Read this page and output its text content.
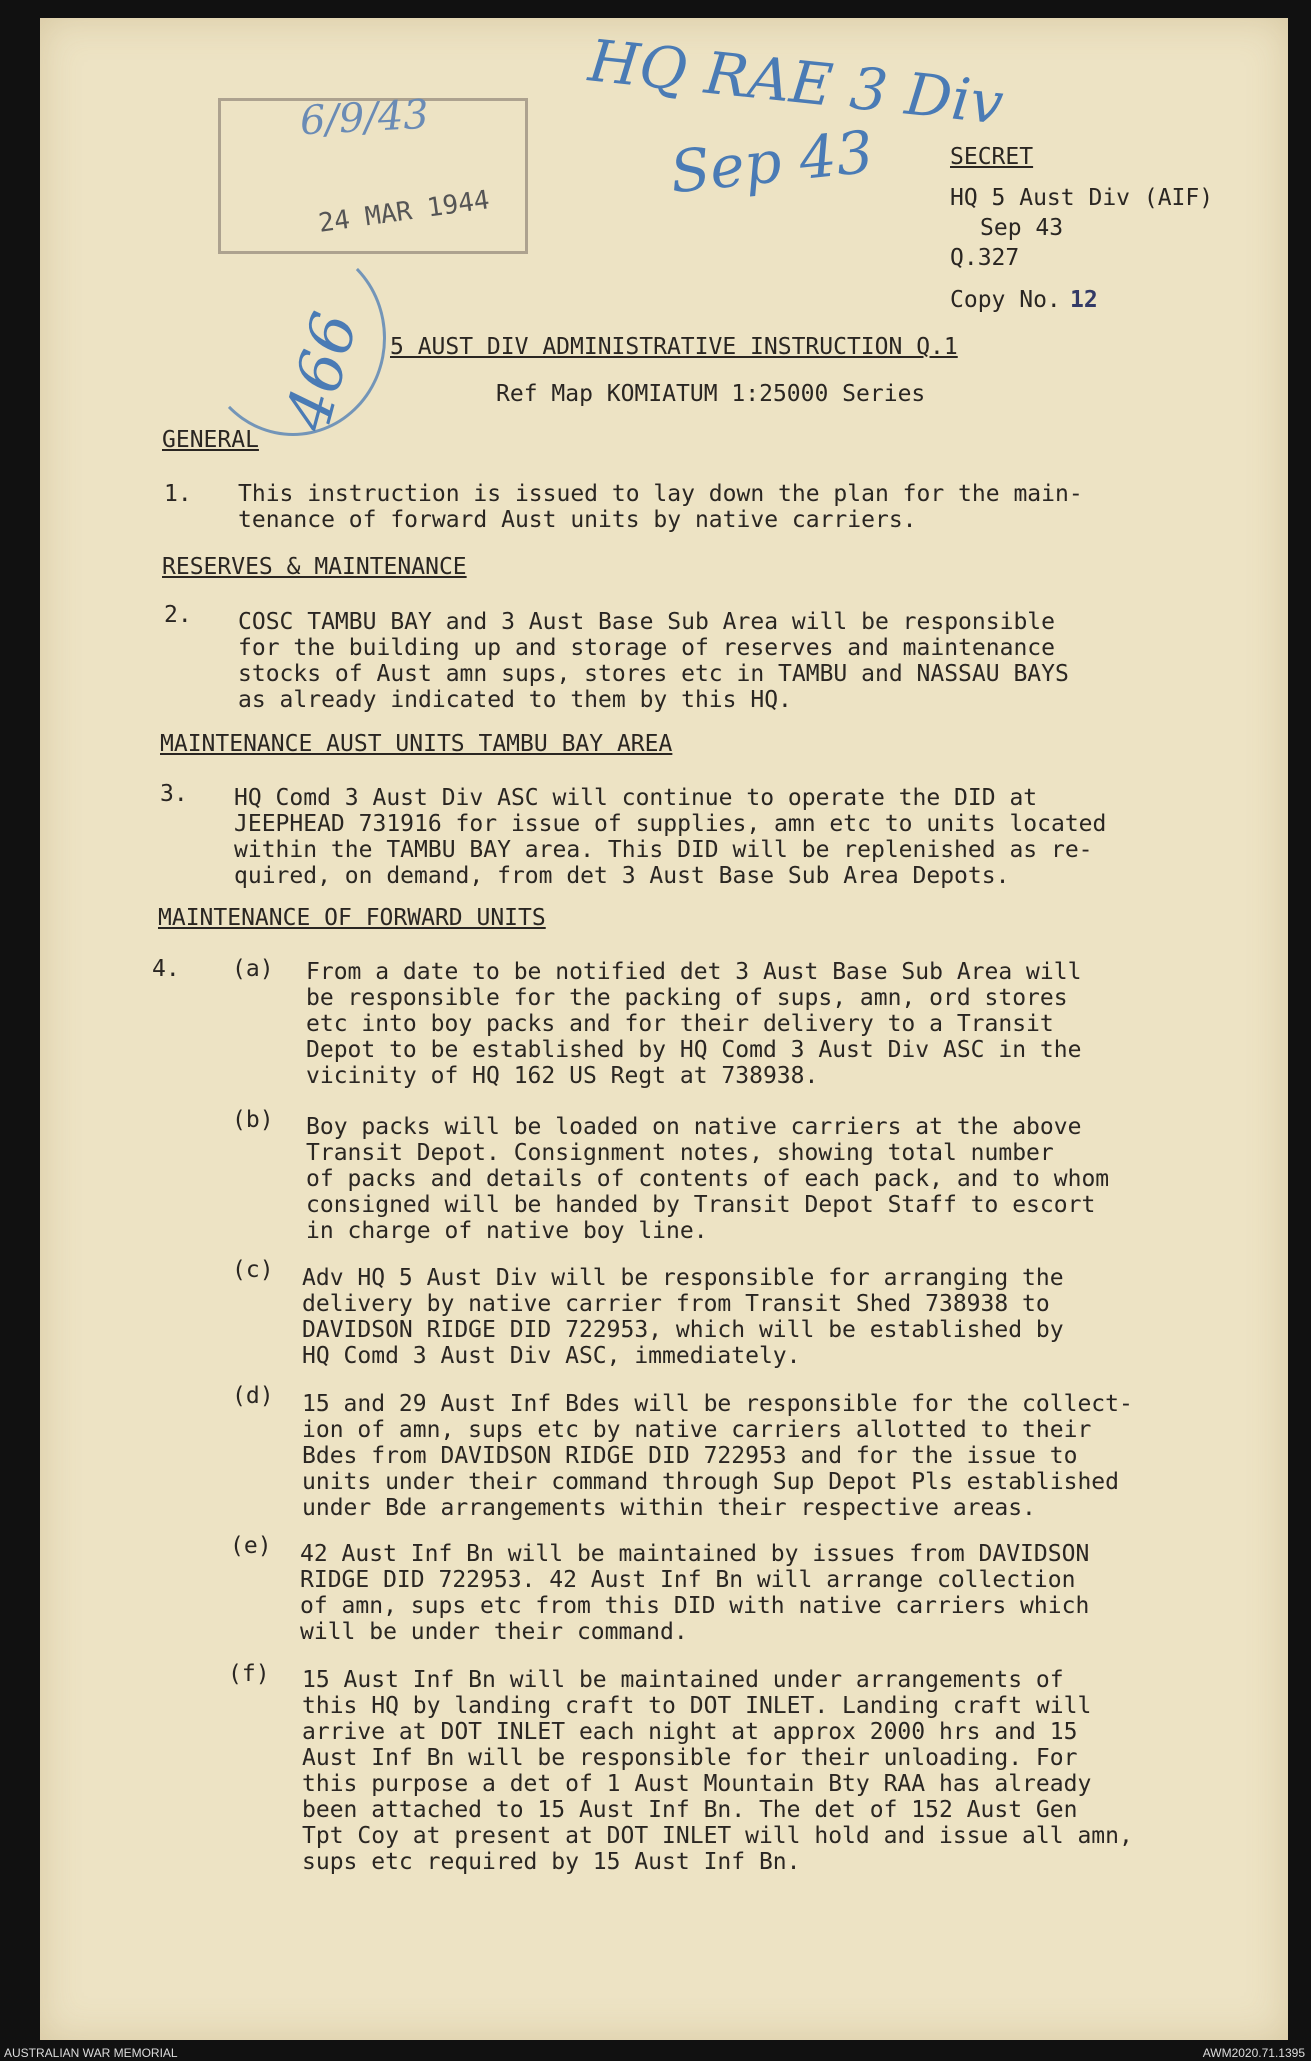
6/9/43
24 MAR 1944
466
HQ RAE 3 Div
Sep 43	SECRET
HQ 5 Aust Div (AIF)
Sep 43
Q.327
Copy No. 12
5 AUST DIV ADMINISTRATIVE INSTRUCTION Q.1
Ref Map KOMIATUM 1:25000 Series
GENERAL
1. This instruction is issued to lay down the plan for the main-
tenance of forward Aust units by native carriers.
RESERVES & MAINTENANCE
2. COSC TAMBU BAY and 3 Aust Base Sub Area will be responsible
for the building up and storage of reserves and maintenance
stocks of Aust amn sups, stores etc in TAMBU and NASSAU BAYS
as already indicated to them by this HQ.
MAINTENANCE AUST UNITS TAMBU BAY AREA
3. HQ Comd 3 Aust Div ASC will continue to operate the DID at
JEEPHEAD 731916 for issue of supplies, amn etc to units located
within the TAMBU BAY area. This DID will be replenished as re-
quired, on demand, from det 3 Aust Base Sub Area Depots.
MAINTENANCE OF FORWARD UNITS
4. (a) From a date to be notified det 3 Aust Base Sub Area will
be responsible for the packing of sups, amn, ord stores
etc into boy packs and for their delivery to a Transit
Depot to be established by HQ Comd 3 Aust Div ASC in the
vicinity of HQ 162 US Regt at 738938.
(b) Boy packs will be loaded on native carriers at the above
Transit Depot. Consignment notes, showing total number
of packs and details of contents of each pack, and to whom
consigned will be handed by Transit Depot Staff to escort
in charge of native boy line.
(c) Adv HQ 5 Aust Div will be responsible for arranging the
delivery by native carrier from Transit Shed 738938 to
DAVIDSON RIDGE DID 722953, which will be established by
HQ Comd 3 Aust Div ASC, immediately.
(d) 15 and 29 Aust Inf Bdes will be responsible for the collect-
ion of amn, sups etc by native carriers allotted to their
Bdes from DAVIDSON RIDGE DID 722953 and for the issue to
units under their command through Sup Depot Pls established
under Bde arrangements within their respective areas.
(e) 42 Aust Inf Bn will be maintained by issues from DAVIDSON
RIDGE DID 722953. 42 Aust Inf Bn will arrange collection
of amn, sups etc from this DID with native carriers which
will be under their command.
(f) 15 Aust Inf Bn will be maintained under arrangements of
this HQ by landing craft to DOT INLET. Landing craft will
arrive at DOT INLET each night at approx 2000 hrs and 15
Aust Inf Bn will be responsible for their unloading. For
this purpose a det of 1 Aust Mountain Bty RAA has already
been attached to 15 Aust Inf Bn. The det of 152 Aust Gen
Tpt Coy at present at DOT INLET will hold and issue all amn,
sups etc required by 15 Aust Inf Bn.
AUSTRALIAN WAR MEMORIAL	AWM2020.71.1395
